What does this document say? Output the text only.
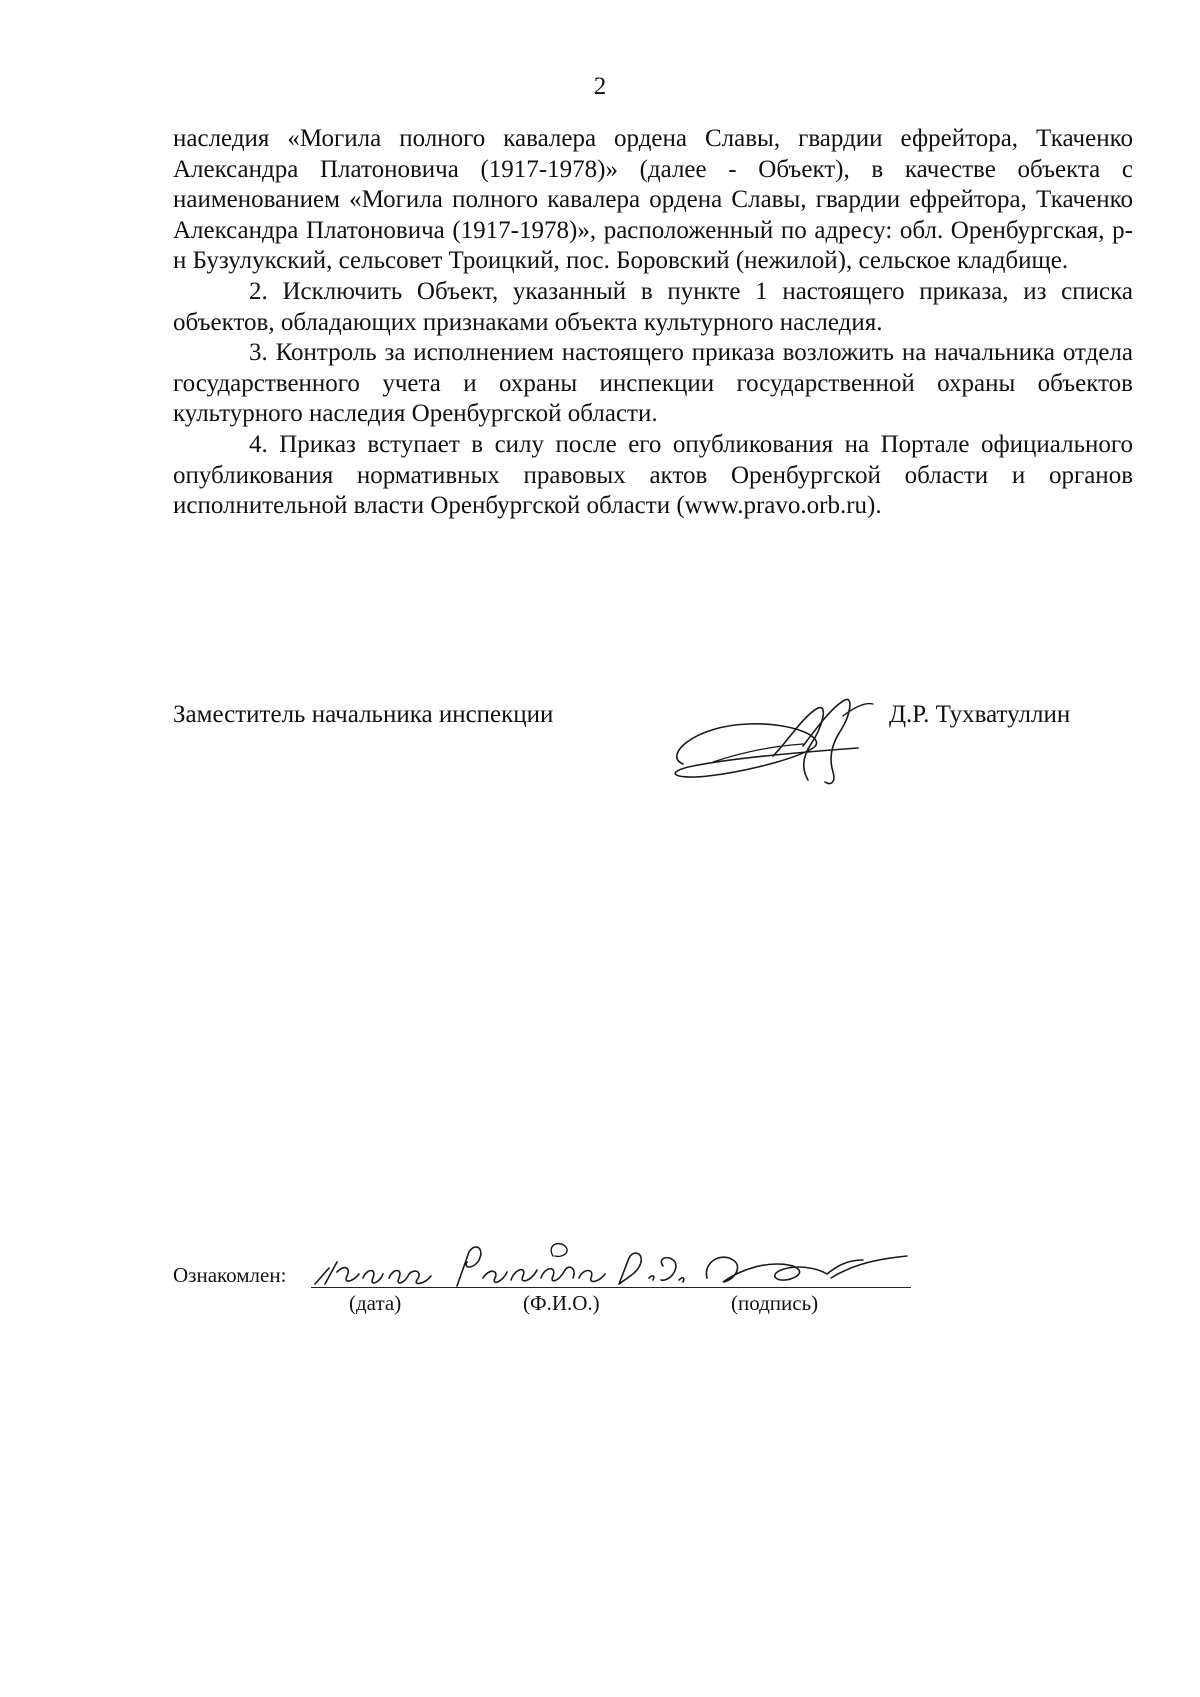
2

наследия «Могила полного кавалера ордена Славы, гвардии ефрейтора, Ткаченко Александра Платоновича (1917-1978)» (далее - Объект), в качестве объекта с наименованием «Могила полного кавалера ордена Славы, гвардии ефрейтора, Ткаченко Александра Платоновича (1917-1978)», расположенный по адресу: обл. Оренбургская, р-н Бузулукский, сельсовет Троицкий, пос. Боровский (нежилой), сельское кладбище.

2. Исключить Объект, указанный в пункте 1 настоящего приказа, из списка объектов, обладающих признаками объекта культурного наследия.

3. Контроль за исполнением настоящего приказа возложить на начальника отдела государственного учета и охраны инспекции государственной охраны объектов культурного наследия Оренбургской области.

4. Приказ вступает в силу после его опубликования на Портале официального опубликования нормативных правовых актов Оренбургской области и органов исполнительной власти Оренбургской области (www.pravo.orb.ru).

Заместитель начальника инспекции	Д.Р. Тухватуллин
Ознакомлен:
(дата)	(Ф.И.О.)	(подпись)
